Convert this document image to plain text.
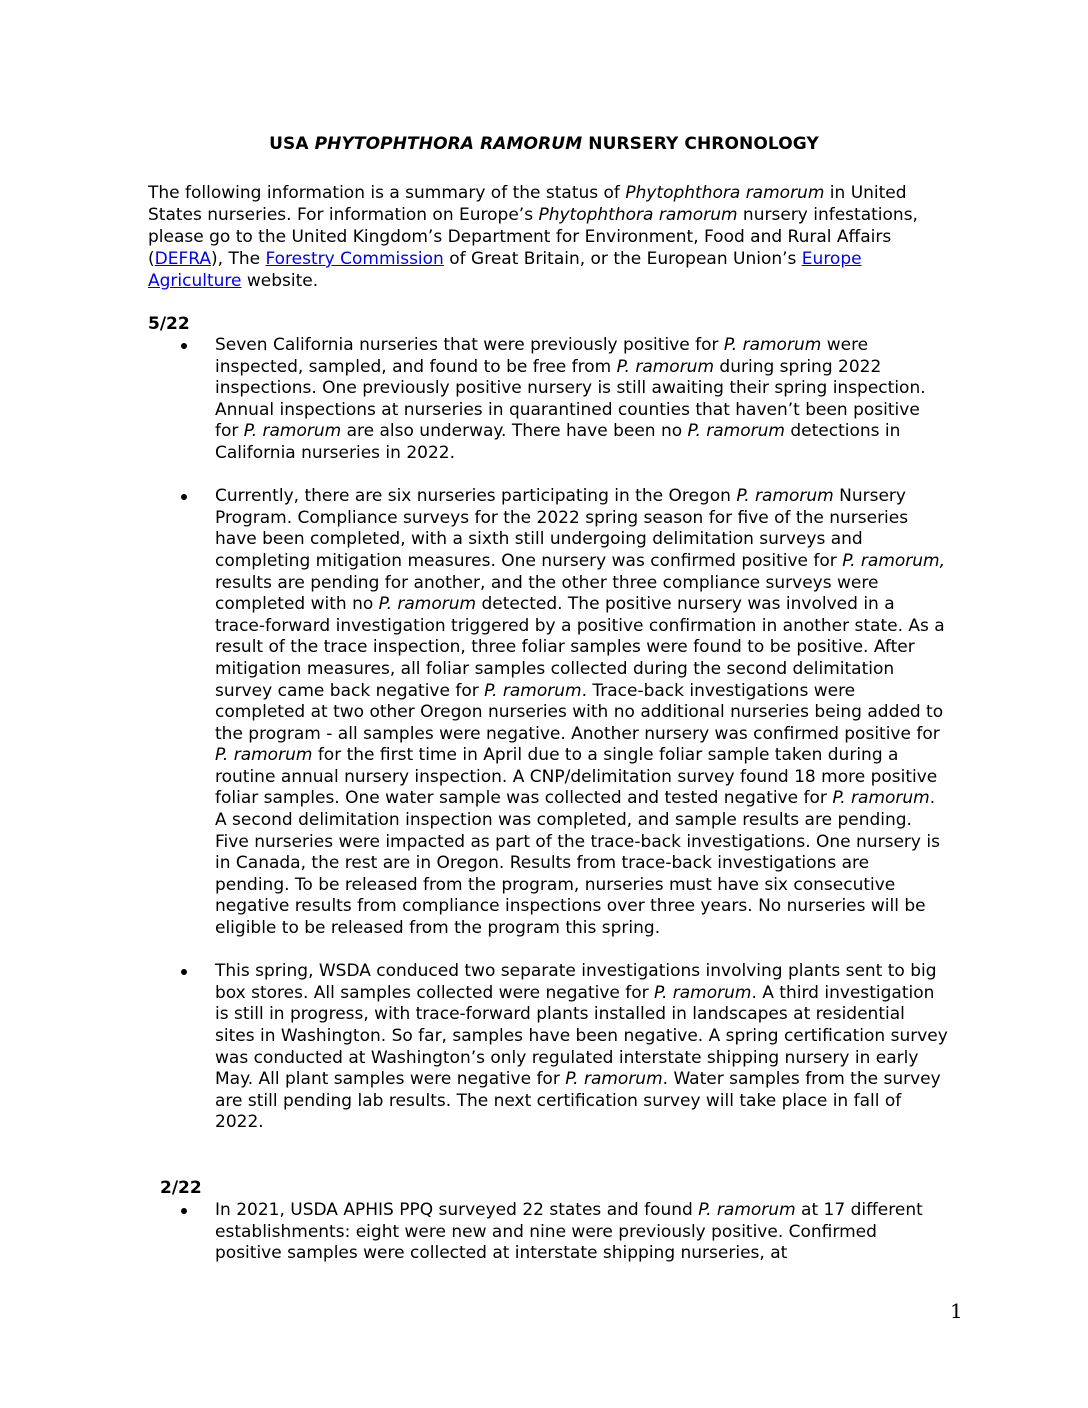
USA PHYTOPHTHORA RAMORUM NURSERY CHRONOLOGY

The following information is a summary of the status of Phytophthora ramorum in United States nurseries. For information on Europe’s Phytophthora ramorum nursery infestations, please go to the United Kingdom’s Department for Environment, Food and Rural Affairs (DEFRA), The Forestry Commission of Great Britain, or the European Union’s Europe Agriculture website.

5/22
Seven California nurseries that were previously positive for P. ramorum were inspected, sampled, and found to be free from P. ramorum during spring 2022 inspections. One previously positive nursery is still awaiting their spring inspection. Annual inspections at nurseries in quarantined counties that haven’t been positive for P. ramorum are also underway. There have been no P. ramorum detections in California nurseries in 2022.
Currently, there are six nurseries participating in the Oregon P. ramorum Nursery Program. Compliance surveys for the 2022 spring season for five of the nurseries have been completed, with a sixth still undergoing delimitation surveys and completing mitigation measures. One nursery was confirmed positive for P. ramorum, results are pending for another, and the other three compliance surveys were completed with no P. ramorum detected. The positive nursery was involved in a trace-forward investigation triggered by a positive confirmation in another state. As a result of the trace inspection, three foliar samples were found to be positive. After mitigation measures, all foliar samples collected during the second delimitation survey came back negative for P. ramorum. Trace-back investigations were completed at two other Oregon nurseries with no additional nurseries being added to the program - all samples were negative. Another nursery was confirmed positive for P. ramorum for the first time in April due to a single foliar sample taken during a routine annual nursery inspection. A CNP/delimitation survey found 18 more positive foliar samples. One water sample was collected and tested negative for P. ramorum. A second delimitation inspection was completed, and sample results are pending. Five nurseries were impacted as part of the trace-back investigations. One nursery is in Canada, the rest are in Oregon. Results from trace-back investigations are pending. To be released from the program, nurseries must have six consecutive negative results from compliance inspections over three years. No nurseries will be eligible to be released from the program this spring.
This spring, WSDA conduced two separate investigations involving plants sent to big box stores. All samples collected were negative for P. ramorum. A third investigation is still in progress, with trace-forward plants installed in landscapes at residential sites in Washington. So far, samples have been negative. A spring certification survey was conducted at Washington’s only regulated interstate shipping nursery in early May. All plant samples were negative for P. ramorum. Water samples from the survey are still pending lab results. The next certification survey will take place in fall of 2022.
2/22
In 2021, USDA APHIS PPQ surveyed 22 states and found P. ramorum at 17 different establishments: eight were new and nine were previously positive. Confirmed positive samples were collected at interstate shipping nurseries, at
1
